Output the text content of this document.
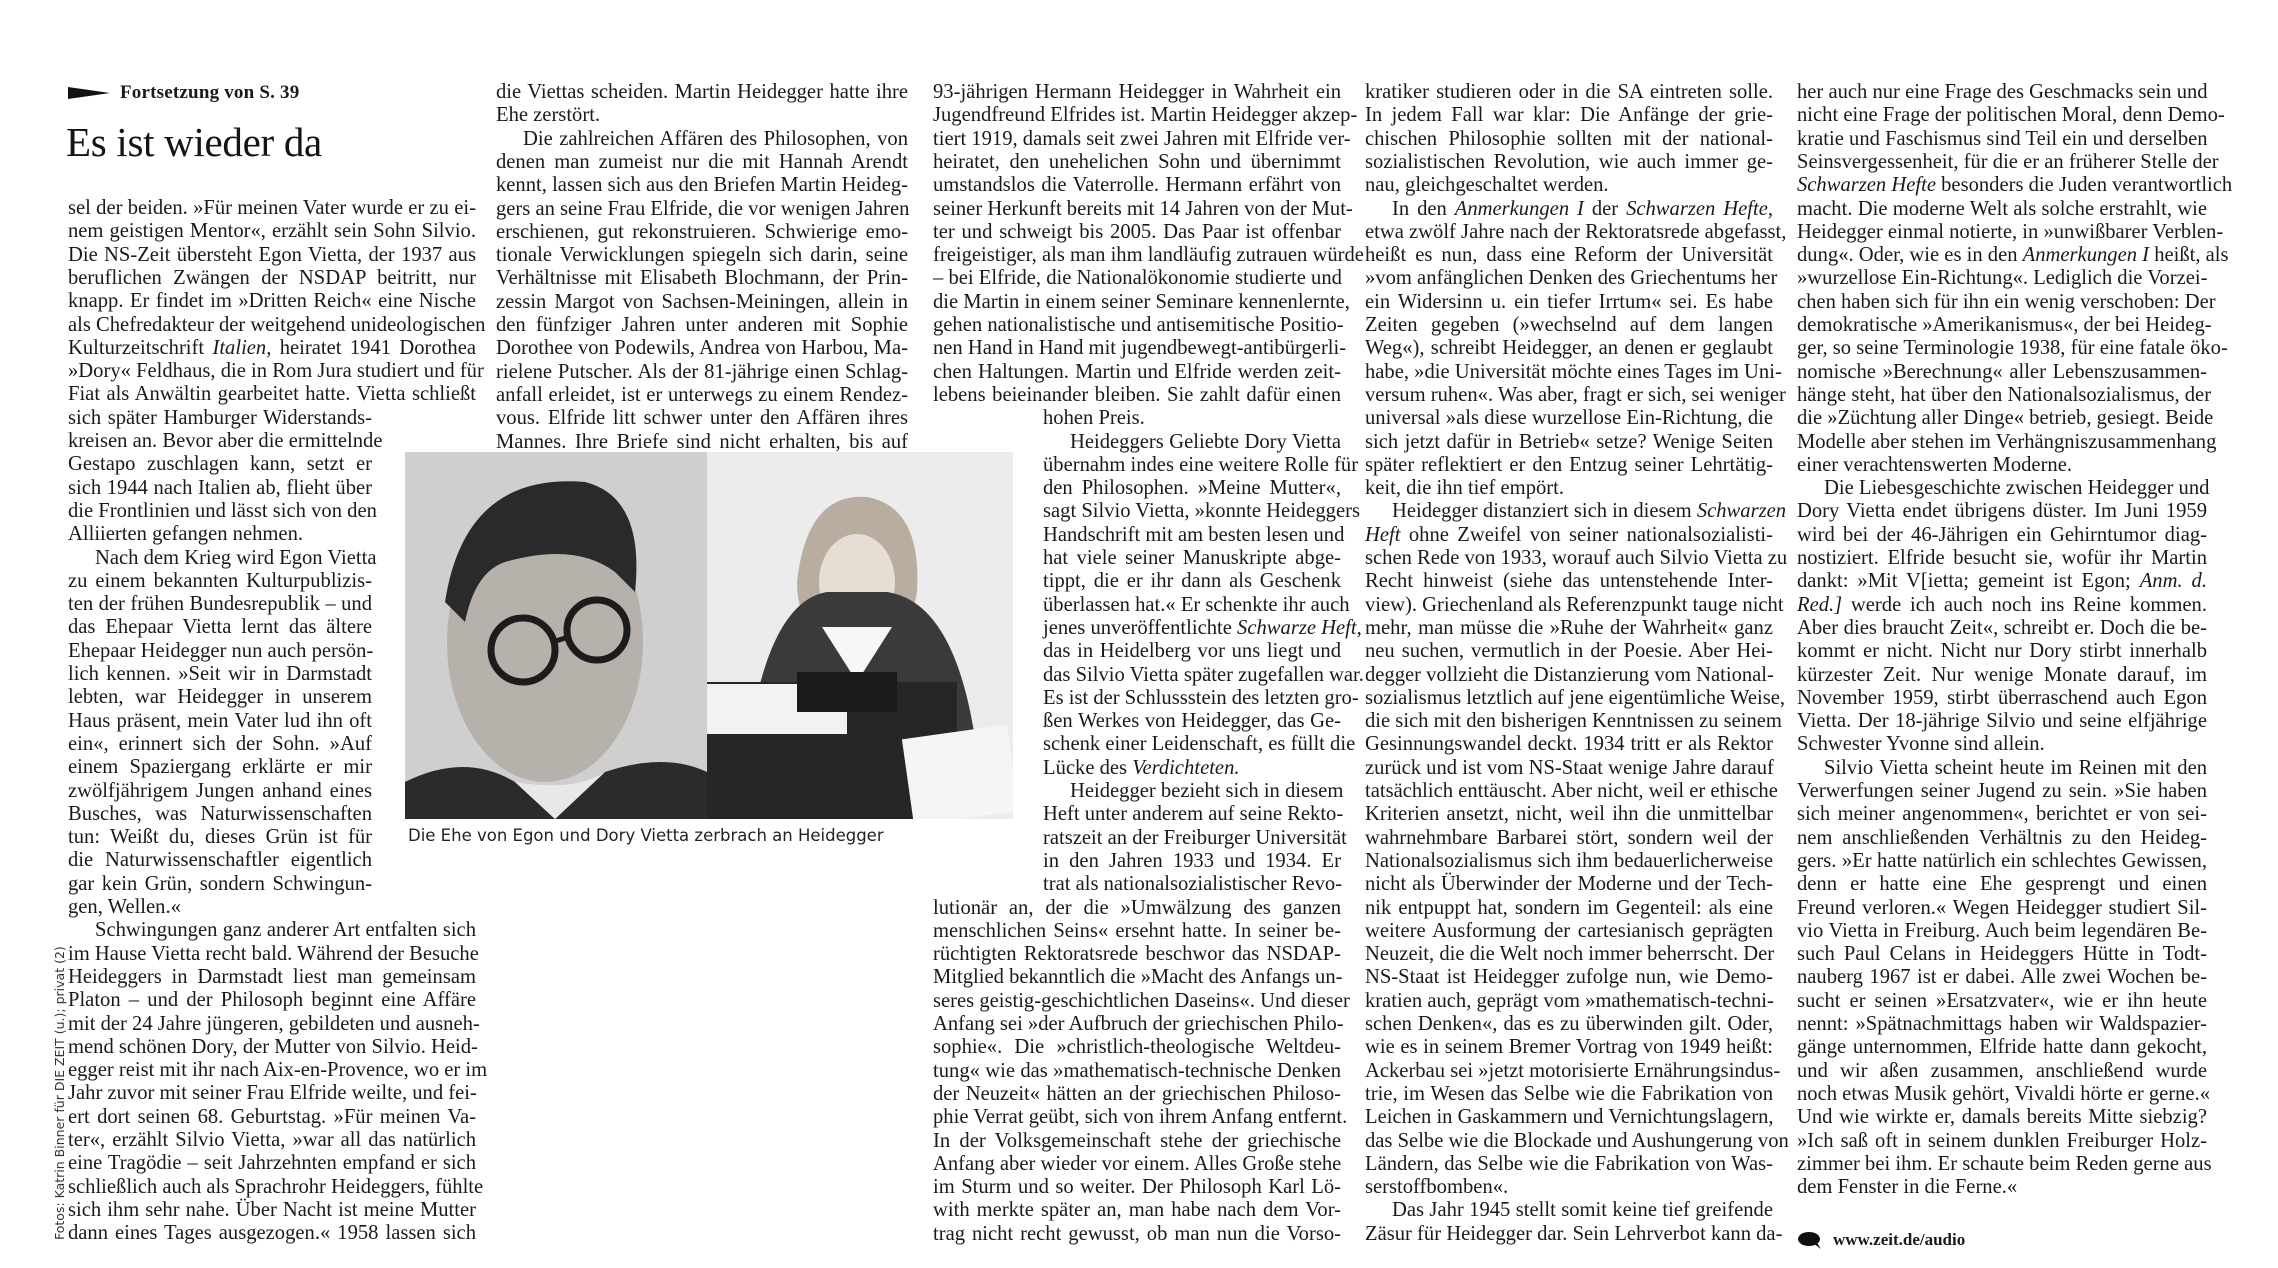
Fortsetzung von S. 39
Es ist wieder da
sel der beiden. »Für meinen Vater wurde er zu ei-
nem geistigen Mentor«, erzählt sein Sohn Silvio.
Die NS-Zeit übersteht Egon Vietta, der 1937 aus
beruflichen Zwängen der NSDAP beitritt, nur
knapp. Er findet im »Dritten Reich« eine Nische
als Chefredakteur der weitgehend unideologischen
Kulturzeitschrift Italien, heiratet 1941 Dorothea
»Dory« Feldhaus, die in Rom Jura studiert und für
Fiat als Anwältin gearbeitet hatte. Vietta schließt
sich später Hamburger Widerstands-
kreisen an. Bevor aber die ermittelnde
Gestapo zuschlagen kann, setzt er
sich 1944 nach Italien ab, flieht über
die Frontlinien und lässt sich von den
Alliierten gefangen nehmen.
Nach dem Krieg wird Egon Vietta
zu einem bekannten Kulturpublizis-
ten der frühen Bundesrepublik – und
das Ehepaar Vietta lernt das ältere
Ehepaar Heidegger nun auch persön-
lich kennen. »Seit wir in Darmstadt
lebten, war Heidegger in unserem
Haus präsent, mein Vater lud ihn oft
ein«, erinnert sich der Sohn. »Auf
einem Spaziergang erklärte er mir
zwölfjährigem Jungen anhand eines
Busches, was Naturwissenschaften
tun: Weißt du, dieses Grün ist für
die Naturwissenschaftler eigentlich
gar kein Grün, sondern Schwingun-
gen, Wellen.«
Schwingungen ganz anderer Art entfalten sich
im Hause Vietta recht bald. Während der Besuche
Heideggers in Darmstadt liest man gemeinsam
Platon – und der Philosoph beginnt eine Affäre
mit der 24 Jahre jüngeren, gebildeten und ausneh-
mend schönen Dory, der Mutter von Silvio. Heid-
egger reist mit ihr nach Aix-en-Provence, wo er im
Jahr zuvor mit seiner Frau Elfride weilte, und fei-
ert dort seinen 68. Geburtstag. »Für meinen Va-
ter«, erzählt Silvio Vietta, »war all das natürlich
eine Tragödie – seit Jahrzehnten empfand er sich
schließlich auch als Sprachrohr Heideggers, fühlte
sich ihm sehr nahe. Über Nacht ist meine Mutter
dann eines Tages ausgezogen.« 1958 lassen sich
die Viettas scheiden. Martin Heidegger hatte ihre
Ehe zerstört.
Die zahlreichen Affären des Philosophen, von
denen man zumeist nur die mit Hannah Arendt
kennt, lassen sich aus den Briefen Martin Heideg-
gers an seine Frau Elfride, die vor wenigen Jahren
erschienen, gut rekonstruieren. Schwierige emo-
tionale Verwicklungen spiegeln sich darin, seine
Verhältnisse mit Elisabeth Blochmann, der Prin-
zessin Margot von Sachsen-Meiningen, allein in
den fünfziger Jahren unter anderen mit Sophie
Dorothee von Podewils, Andrea von Harbou, Ma-
rielene Putscher. Als der 81-jährige einen Schlag-
anfall erleidet, ist er unterwegs zu einem Rendez-
vous. Elfride litt schwer unter den Affären ihres
Mannes. Ihre Briefe sind nicht erhalten, bis auf
93-jährigen Hermann Heidegger in Wahrheit ein
Jugendfreund Elfrides ist. Martin Heidegger akzep-
tiert 1919, damals seit zwei Jahren mit Elfride ver-
heiratet, den unehelichen Sohn und übernimmt
umstandslos die Vaterrolle. Hermann erfährt von
seiner Herkunft bereits mit 14 Jahren von der Mut-
ter und schweigt bis 2005. Das Paar ist offenbar
freigeistiger, als man ihm landläufig zutrauen würde
– bei Elfride, die Nationalökonomie studierte und
die Martin in einem seiner Seminare kennenlernte,
gehen nationalistische und antisemitische Positio-
nen Hand in Hand mit jugendbewegt-antibürgerli-
chen Haltungen. Martin und Elfride werden zeit-
lebens beieinander bleiben. Sie zahlt dafür einen
hohen Preis.
Heideggers Geliebte Dory Vietta
übernahm indes eine weitere Rolle für
den Philosophen. »Meine Mutter«,
sagt Silvio Vietta, »konnte Heideggers
Handschrift mit am besten lesen und
hat viele seiner Manuskripte abge-
tippt, die er ihr dann als Geschenk
überlassen hat.« Er schenkte ihr auch
jenes unveröffentlichte Schwarze Heft,
das in Heidelberg vor uns liegt und
das Silvio Vietta später zugefallen war.
Es ist der Schlussstein des letzten gro-
ßen Werkes von Heidegger, das Ge-
schenk einer Leidenschaft, es füllt die
Lücke des Verdichteten.
Heidegger bezieht sich in diesem
Heft unter anderem auf seine Rekto-
ratszeit an der Freiburger Universität
in den Jahren 1933 und 1934. Er
trat als nationalsozialistischer Revo-
lutionär an, der die »Umwälzung des ganzen
menschlichen Seins« ersehnt hatte. In seiner be-
rüchtigten Rektoratsrede beschwor das NSDAP-
Mitglied bekanntlich die »Macht des Anfangs un-
seres geistig-geschichtlichen Daseins«. Und dieser
Anfang sei »der Aufbruch der griechischen Philo-
sophie«. Die »christlich-theologische Weltdeu-
tung« wie das »mathematisch-technische Denken
der Neuzeit« hätten an der griechischen Philoso-
phie Verrat geübt, sich von ihrem Anfang entfernt.
In der Volksgemeinschaft stehe der griechische
Anfang aber wieder vor einem. Alles Große stehe
im Sturm und so weiter. Der Philosoph Karl Lö-
with merkte später an, man habe nach dem Vor-
trag nicht recht gewusst, ob man nun die Vorso-
kratiker studieren oder in die SA eintreten solle.
In jedem Fall war klar: Die Anfänge der grie-
chischen Philosophie sollten mit der national-
sozialistischen Revolution, wie auch immer ge-
nau, gleichgeschaltet werden.
In den Anmerkungen I der Schwarzen Hefte,
etwa zwölf Jahre nach der Rektoratsrede abgefasst,
heißt es nun, dass eine Reform der Universität
»vom anfänglichen Denken des Griechentums her
ein Widersinn u. ein tiefer Irrtum« sei. Es habe
Zeiten gegeben (»wechselnd auf dem langen
Weg«), schreibt Heidegger, an denen er geglaubt
habe, »die Universität möchte eines Tages im Uni-
versum ruhen«. Was aber, fragt er sich, sei weniger
universal »als diese wurzellose Ein-Richtung, die
sich jetzt dafür in Betrieb« setze? Wenige Seiten
später reflektiert er den Entzug seiner Lehrtätig-
keit, die ihn tief empört.
Heidegger distanziert sich in diesem Schwarzen
Heft ohne Zweifel von seiner nationalsozialisti-
schen Rede von 1933, worauf auch Silvio Vietta zu
Recht hinweist (siehe das untenstehende Inter-
view). Griechenland als Referenzpunkt tauge nicht
mehr, man müsse die »Ruhe der Wahrheit« ganz
neu suchen, vermutlich in der Poesie. Aber Hei-
degger vollzieht die Distanzierung vom National-
sozialismus letztlich auf jene eigentümliche Weise,
die sich mit den bisherigen Kenntnissen zu seinem
Gesinnungswandel deckt. 1934 tritt er als Rektor
zurück und ist vom NS-Staat wenige Jahre darauf
tatsächlich enttäuscht. Aber nicht, weil er ethische
Kriterien ansetzt, nicht, weil ihn die unmittelbar
wahrnehmbare Barbarei stört, sondern weil der
Nationalsozialismus sich ihm bedauerlicherweise
nicht als Überwinder der Moderne und der Tech-
nik entpuppt hat, sondern im Gegenteil: als eine
weitere Ausformung der cartesianisch geprägten
Neuzeit, die die Welt noch immer beherrscht. Der
NS-Staat ist Heidegger zufolge nun, wie Demo-
kratien auch, geprägt vom »mathematisch-techni-
schen Denken«, das es zu überwinden gilt. Oder,
wie es in seinem Bremer Vortrag von 1949 heißt:
Ackerbau sei »jetzt motorisierte Ernährungsindus-
trie, im Wesen das Selbe wie die Fabrikation von
Leichen in Gaskammern und Vernichtungslagern,
das Selbe wie die Blockade und Aushungerung von
Ländern, das Selbe wie die Fabrikation von Was-
serstoffbomben«.
Das Jahr 1945 stellt somit keine tief greifende
Zäsur für Heidegger dar. Sein Lehrverbot kann da-
her auch nur eine Frage des Geschmacks sein und
nicht eine Frage der politischen Moral, denn Demo-
kratie und Faschismus sind Teil ein und derselben
Seinsvergessenheit, für die er an früherer Stelle der
Schwarzen Hefte besonders die Juden verantwortlich
macht. Die moderne Welt als solche erstrahlt, wie
Heidegger einmal notierte, in »unwißbarer Verblen-
dung«. Oder, wie es in den Anmerkungen I heißt, als
»wurzellose Ein-Richtung«. Lediglich die Vorzei-
chen haben sich für ihn ein wenig verschoben: Der
demokratische »Amerikanismus«, der bei Heideg-
ger, so seine Terminologie 1938, für eine fatale öko-
nomische »Berechnung« aller Lebenszusammen-
hänge steht, hat über den Nationalsozialismus, der
die »Züchtung aller Dinge« betrieb, gesiegt. Beide
Modelle aber stehen im Verhängniszusammenhang
einer verachtenswerten Moderne.
Die Liebesgeschichte zwischen Heidegger und
Dory Vietta endet übrigens düster. Im Juni 1959
wird bei der 46-Jährigen ein Gehirntumor diag-
nostiziert. Elfride besucht sie, wofür ihr Martin
dankt: »Mit V[ietta; gemeint ist Egon; Anm. d.
Red.] werde ich auch noch ins Reine kommen.
Aber dies braucht Zeit«, schreibt er. Doch die be-
kommt er nicht. Nicht nur Dory stirbt innerhalb
kürzester Zeit. Nur wenige Monate darauf, im
November 1959, stirbt überraschend auch Egon
Vietta. Der 18-jährige Silvio und seine elfjährige
Schwester Yvonne sind allein.
Silvio Vietta scheint heute im Reinen mit den
Verwerfungen seiner Jugend zu sein. »Sie haben
sich meiner angenommen«, berichtet er von sei-
nem anschließenden Verhältnis zu den Heideg-
gers. »Er hatte natürlich ein schlechtes Gewissen,
denn er hatte eine Ehe gesprengt und einen
Freund verloren.« Wegen Heidegger studiert Sil-
vio Vietta in Freiburg. Auch beim legendären Be-
such Paul Celans in Heideggers Hütte in Todt-
nauberg 1967 ist er dabei. Alle zwei Wochen be-
sucht er seinen »Ersatzvater«, wie er ihn heute
nennt: »Spätnachmittags haben wir Waldspazier-
gänge unternommen, Elfride hatte dann gekocht,
und wir aßen zusammen, anschließend wurde
noch etwas Musik gehört, Vivaldi hörte er gerne.«
Und wie wirkte er, damals bereits Mitte siebzig?
»Ich saß oft in seinem dunklen Freiburger Holz-
zimmer bei ihm. Er schaute beim Reden gerne aus
dem Fenster in die Ferne.«
Die Ehe von Egon und Dory Vietta zerbrach an Heidegger
Fotos: Katrin Binner für DIE ZEIT (u.); privat (2)	www.zeit.de/audio
